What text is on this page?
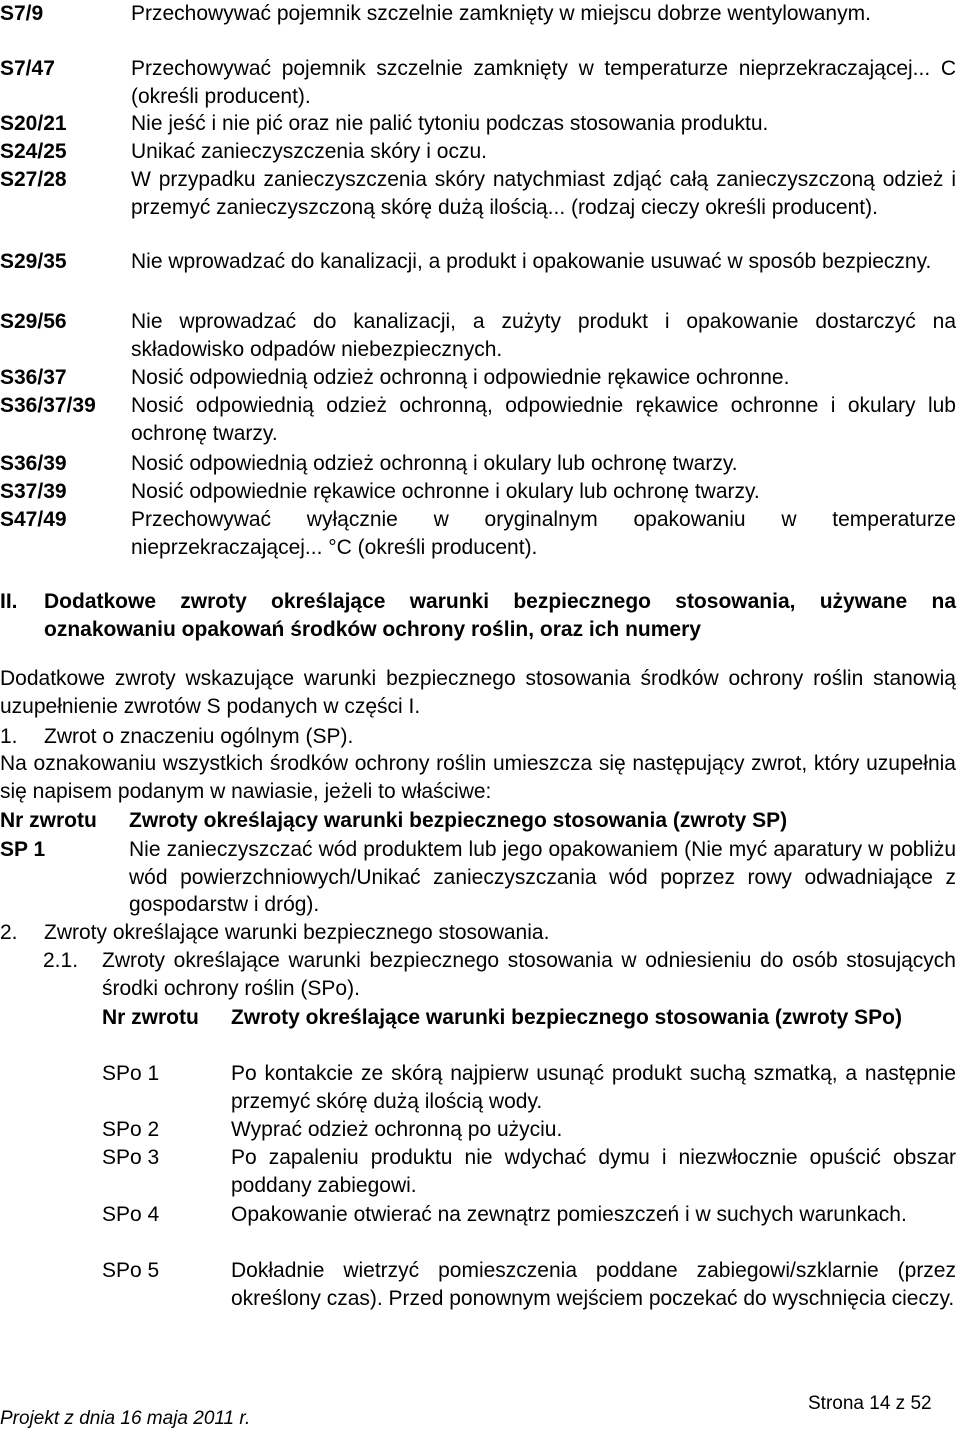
S7/9	Przechowywać pojemnik szczelnie zamknięty w miejscu dobrze wentylowanym.
S7/47	Przechowywać pojemnik szczelnie zamknięty w temperaturze nieprzekraczającej... C (określi producent).
S20/21	Nie jeść i nie pić oraz nie palić tytoniu podczas stosowania produktu.
S24/25	Unikać zanieczyszczenia skóry i oczu.
S27/28	W przypadku zanieczyszczenia skóry natychmiast zdjąć całą zanieczyszczoną odzież i przemyć zanieczyszczoną skórę dużą ilością... (rodzaj cieczy określi producent).
S29/35	Nie wprowadzać do kanalizacji, a produkt i opakowanie usuwać w sposób bezpieczny.
S29/56	Nie wprowadzać do kanalizacji, a zużyty produkt i opakowanie dostarczyć na składowisko odpadów niebezpiecznych.
S36/37	Nosić odpowiednią odzież ochronną i odpowiednie rękawice ochronne.
S36/37/39 Nosić odpowiednią odzież ochronną, odpowiednie rękawice ochronne i okulary lub ochronę twarzy.
S36/39	Nosić odpowiednią odzież ochronną i okulary lub ochronę twarzy.
S37/39	Nosić odpowiednie rękawice ochronne i okulary lub ochronę twarzy.
S47/49	Przechowywać wyłącznie w oryginalnym opakowaniu w temperaturze nieprzekraczającej... °C (określi producent).
II. Dodatkowe zwroty określające warunki bezpiecznego stosowania, używane na oznakowaniu opakowań środków ochrony roślin, oraz ich numery
Dodatkowe zwroty wskazujące warunki bezpiecznego stosowania środków ochrony roślin stanowią uzupełnienie zwrotów S podanych w części I.
1. Zwrot o znaczeniu ogólnym (SP).
Na oznakowaniu wszystkich środków ochrony roślin umieszcza się następujący zwrot, który uzupełnia się napisem podanym w nawiasie, jeżeli to właściwe:
Nr zwrotu Zwroty określający warunki bezpiecznego stosowania (zwroty SP)
SP 1	Nie zanieczyszczać wód produktem lub jego opakowaniem (Nie myć aparatury w pobliżu wód powierzchniowych/Unikać zanieczyszczania wód poprzez rowy odwadniające z gospodarstw i dróg).
2. Zwroty określające warunki bezpiecznego stosowania.
2.1. Zwroty określające warunki bezpiecznego stosowania w odniesieniu do osób stosujących środki ochrony roślin (SPo).
Nr zwrotu Zwroty określające warunki bezpiecznego stosowania (zwroty SPo)
SPo 1	Po kontakcie ze skórą najpierw usunąć produkt suchą szmatką, a następnie przemyć skórę dużą ilością wody.
SPo 2	Wyprać odzież ochronną po użyciu.
SPo 3	Po zapaleniu produktu nie wdychać dymu i niezwłocznie opuścić obszar poddany zabiegowi.
SPo 4	Opakowanie otwierać na zewnątrz pomieszczeń i w suchych warunkach.
SPo 5	Dokładnie wietrzyć pomieszczenia poddane zabiegowi/szklarnie (przez określony czas). Przed ponownym wejściem poczekać do wyschnięcia cieczy.
Strona 14 z 52
Projekt z dnia 16 maja 2011 r.
